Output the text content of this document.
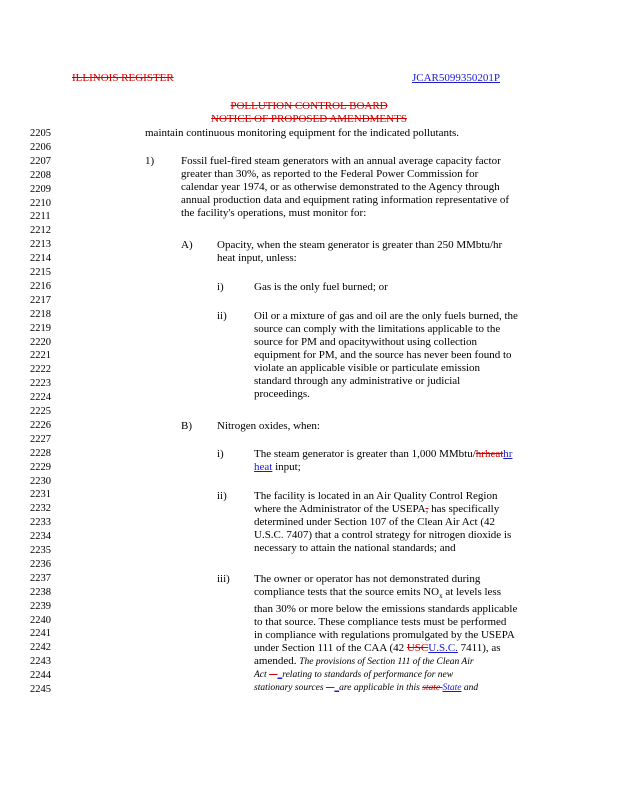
ILLINOIS REGISTER	JCAR5099350201P
POLLUTION CONTROL BOARD
NOTICE OF PROPOSED AMENDMENTS
2205
2206
2207
2208
2209
2210
2211
2212
2213
2214
2215
2216
2217
2218
2219
2220
2221
2222
2223
2224
2225
2226
2227
2228
2229
2230
2231
2232
2233
2234
2235
2236
2237
2238
2239
2240
2241
2242
2243
2244
2245
maintain continuous monitoring equipment for the indicated pollutants.
1) Fossil fuel-fired steam generators with an annual average capacity factor
greater than 30%, as reported to the Federal Power Commission for
calendar year 1974, or as otherwise demonstrated to the Agency through
annual production data and equipment rating information representative of
the facility's operations, must monitor for:
A) Opacity, when the steam generator is greater than 250 MMbtu/hr
heat input, unless:
i)	Gas is the only fuel burned; or
ii) Oil or a mixture of gas and oil are the only fuels burned, the
source can comply with the limitations applicable to the
source for PM and opacitywithout using collection
equipment for PM, and the source has never been found to
violate an applicable visible or particulate emission
standard through any administrative or judicial
proceedings.
B) Nitrogen oxides, when:
i)	The steam generator is greater than 1,000 MMbtu/hrheathr
heat input;
ii) The facility is located in an Air Quality Control Region
where the Administrator of the USEPA, has specifically
determined under Section 107 of the Clean Air Act (42
U.S.C. 7407) that a control strategy for nitrogen dioxide is
necessary to attain the national standards; and
iii) The owner or operator has not demonstrated during
compliance tests that the source emits $NO_x$ at levels less
than 30% or more below the emissions standards applicable
to that source. These compliance tests must be performed
in compliance with regulations promulgated by the USEPA
under Section 111 of the CAA (42 USCU.S.C. 7411), as
amended. The provisions of Section 111 of the Clean Air
Act —_relating to standards of performance for new
stationary sources —_are applicable in this state State and
